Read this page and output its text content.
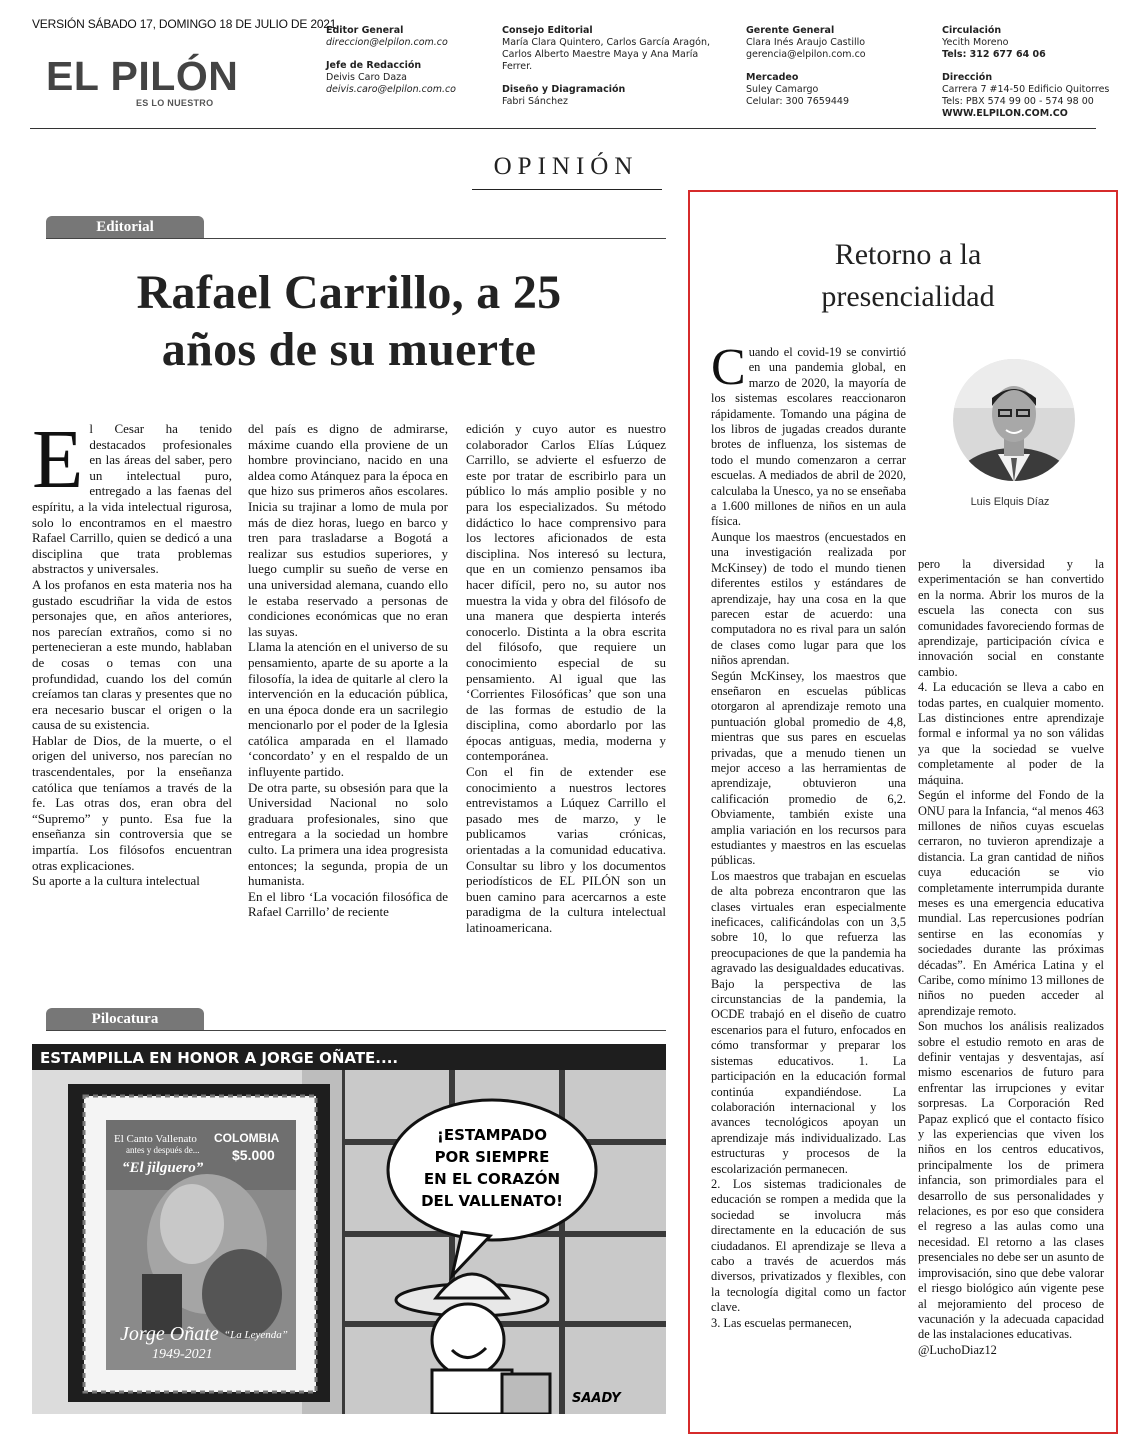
VERSIÓN SÁBADO 17, DOMINGO 18 DE JULIO DE 2021
EL PILÓN
ES LO NUESTRO
Editor General
direccion@elpilon.com.co
Jefe de Redacción
Deivis Caro Daza
deivis.caro@elpilon.com.co
Consejo Editorial
María Clara Quintero, Carlos García Aragón, Carlos Alberto Maestre Maya y Ana María Ferrer.
Diseño y Diagramación
Fabri Sánchez
Gerente General
Clara Inés Araujo Castillo
gerencia@elpilon.com.co
Mercadeo
Suley Camargo
Celular: 300 7659449
Circulación
Yecith Moreno
Tels: 312 677 64 06
Dirección
Carrera 7 #14-50 Edificio Quitorres
Tels: PBX 574 99 00 - 574 98 00
WWW.ELPILON.COM.CO
OPINIÓN
Editorial
Rafael Carrillo, a 25
años de su muerte
E l Cesar ha tenido destacados profesionales en las áreas del saber, pero un intelectual puro, entregado a las faenas del espíritu, a la vida intelectual rigurosa, solo lo encontramos en el maestro Rafael Carrillo, quien se dedicó a una disciplina que trata problemas abstractos y universales.

A los profanos en esta materia nos ha gustado escudriñar la vida de estos personajes que, en años anteriores, nos parecían extraños, como si no pertenecieran a este mundo, hablaban de cosas o temas con una profundidad, cuando los del común creíamos tan claras y presentes que no era necesario buscar el origen o la causa de su existencia.

Hablar de Dios, de la muerte, o el origen del universo, nos parecían no trascendentales, por la enseñanza católica que teníamos a través de la fe. Las otras dos, eran obra del “Supremo” y punto. Esa fue la enseñanza sin controversia que se impartía. Los filósofos encuentran otras explicaciones.

Su aporte a la cultura intelectual

del país es digno de admirarse, máxime cuando ella proviene de un hombre provinciano, nacido en una aldea como Atánquez para la época en que hizo sus primeros años escolares. Inicia su trajinar a lomo de mula por más de diez horas, luego en barco y tren para trasladarse a Bogotá a realizar sus estudios superiores, y luego cumplir su sueño de verse en una universidad alemana, cuando ello le estaba reservado a personas de condiciones económicas que no eran las suyas.

Llama la atención en el universo de su pensamiento, aparte de su aporte a la filosofía, la idea de quitarle al clero la intervención en la educación pública, en una época donde era un sacrilegio mencionarlo por el poder de la Iglesia católica amparada en el llamado ‘concordato’ y en el respaldo de un influyente partido.

De otra parte, su obsesión para que la Universidad Nacional no solo graduara profesionales, sino que entregara a la sociedad un hombre culto. La primera una idea progresista entonces; la segunda, propia de un humanista.

En el libro ‘La vocación filosófica de Rafael Carrillo’ de reciente

edición y cuyo autor es nuestro colaborador Carlos Elías Lúquez Carrillo, se advierte el esfuerzo de este por tratar de escribirlo para un público lo más amplio posible y no para los especializados. Su método didáctico lo hace comprensivo para los lectores aficionados de esta disciplina. Nos interesó su lectura, que en un comienzo pensamos iba hacer difícil, pero no, su autor nos muestra la vida y obra del filósofo de una manera que despierta interés conocerlo. Distinta a la obra escrita del filósofo, que requiere un conocimiento especial de su pensamiento. Al igual que las ‘Corrientes Filosóficas’ que son una de las formas de estudio de la disciplina, como abordarlo por las épocas antiguas, media, moderna y contemporánea.

Con el fin de extender ese conocimiento a nuestros lectores entrevistamos a Lúquez Carrillo el pasado mes de marzo, y le publicamos varias crónicas, orientadas a la comunidad educativa. Consultar su libro y los documentos periodísticos de EL PILÓN son un buen camino para acercarnos a este paradigma de la cultura intelectual latinoamericana.

Pilocatura
ESTAMPILLA EN HONOR A JORGE OÑATE....
El Canto Vallenato
antes y después de...
COLOMBIA
$5.000
“El jilguero”
Jorge Oñate “La Leyenda”
1949-2021
¡ESTAMPADO
POR SIEMPRE
EN EL CORAZÓN
DEL VALLENATO!
SAADY
Retorno a la
presencialidad
Luis Elquis Díaz
C uando el covid-19 se convirtió en una pandemia global, en marzo de 2020, la mayoría de los sistemas escolares reaccionaron rápidamente. Tomando una página de los libros de jugadas creados durante brotes de influenza, los sistemas de todo el mundo comenzaron a cerrar escuelas. A mediados de abril de 2020, calculaba la Unesco, ya no se enseñaba a 1.600 millones de niños en un aula física.

Aunque los maestros (encuestados en una investigación realizada por McKinsey) de todo el mundo tienen diferentes estilos y estándares de aprendizaje, hay una cosa en la que parecen estar de acuerdo: una computadora no es rival para un salón de clases como lugar para que los niños aprendan.

Según McKinsey, los maestros que enseñaron en escuelas públicas otorgaron al aprendizaje remoto una puntuación global promedio de 4,8, mientras que sus pares en escuelas privadas, que a menudo tienen un mejor acceso a las herramientas de aprendizaje, obtuvieron una calificación promedio de 6,2. Obviamente, también existe una amplia variación en los recursos para estudiantes y maestros en las escuelas públicas.

Los maestros que trabajan en escuelas de alta pobreza encontraron que las clases virtuales eran especialmente ineficaces, calificándolas con un 3,5 sobre 10, lo que refuerza las preocupaciones de que la pandemia ha agravado las desigualdades educativas.

Bajo la perspectiva de las circunstancias de la pandemia, la OCDE trabajó en el diseño de cuatro escenarios para el futuro, enfocados en cómo transformar y preparar los sistemas educativos. 1. La participación en la educación formal continúa expandiéndose. La colaboración internacional y los avances tecnológicos apoyan un aprendizaje más individualizado. Las estructuras y procesos de la escolarización permanecen.

2. Los sistemas tradicionales de educación se rompen a medida que la sociedad se involucra más directamente en la educación de sus ciudadanos. El aprendizaje se lleva a cabo a través de acuerdos más diversos, privatizados y flexibles, con la tecnología digital como un factor clave.

3. Las escuelas permanecen,

pero la diversidad y la experimentación se han convertido en la norma. Abrir los muros de la escuela las conecta con sus comunidades favoreciendo formas de aprendizaje, participación cívica e innovación social en constante cambio.

4. La educación se lleva a cabo en todas partes, en cualquier momento. Las distinciones entre aprendizaje formal e informal ya no son válidas ya que la sociedad se vuelve completamente al poder de la máquina.

Según el informe del Fondo de la ONU para la Infancia, “al menos 463 millones de niños cuyas escuelas cerraron, no tuvieron aprendizaje a distancia. La gran cantidad de niños cuya educación se vio completamente interrumpida durante meses es una emergencia educativa mundial. Las repercusiones podrían sentirse en las economías y sociedades durante las próximas décadas”. En América Latina y el Caribe, como mínimo 13 millones de niños no pueden acceder al aprendizaje remoto.

Son muchos los análisis realizados sobre el estudio remoto en aras de definir ventajas y desventajas, así mismo escenarios de futuro para enfrentar las irrupciones y evitar sorpresas. La Corporación Red Papaz explicó que el contacto físico y las experiencias que viven los niños en los centros educativos, principalmente los de primera infancia, son primordiales para el desarrollo de sus personalidades y relaciones, es por eso que considera el regreso a las aulas como una necesidad. El retorno a las clases presenciales no debe ser un asunto de improvisación, sino que debe valorar el riesgo biológico aún vigente pese al mejoramiento del proceso de vacunación y la adecuada capacidad de las instalaciones educativas.

@LuchoDiaz12
